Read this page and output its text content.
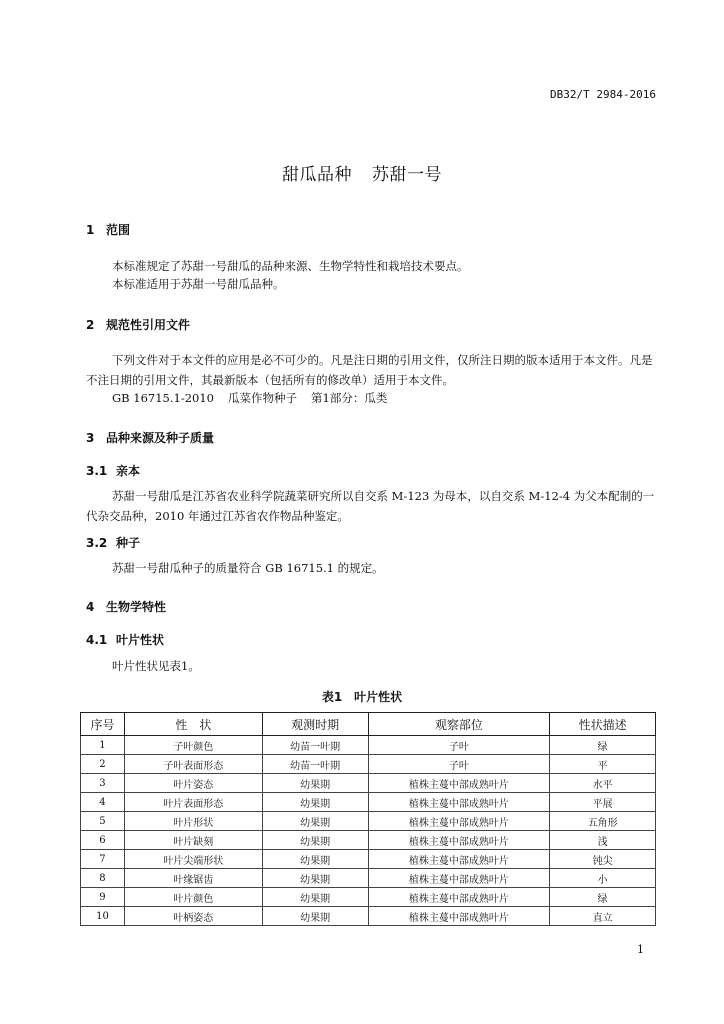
DB32/T 2984-2016
甜瓜品种 苏甜一号
1 范围
本标准规定了苏甜一号甜瓜的品种来源、生物学特性和栽培技术要点。
本标准适用于苏甜一号甜瓜品种。
2 规范性引用文件
下列文件对于本文件的应用是必不可少的。凡是注日期的引用文件，仅所注日期的版本适用于本文件。凡是不注日期的引用文件，其最新版本（包括所有的修改单）适用于本文件。
GB 16715.1-2010 瓜菜作物种子 第1部分：瓜类
3 品种来源及种子质量
3.1 亲本
苏甜一号甜瓜是江苏省农业科学院蔬菜研究所以自交系 M-123 为母本，以自交系 M-12-4 为父本配制的一代杂交品种，2010 年通过江苏省农作物品种鉴定。
3.2 种子
苏甜一号甜瓜种子的质量符合 GB 16715.1 的规定。
4 生物学特性
4.1 叶片性状
叶片性状见表1。
表1 叶片性状
序号	性　状	观测时期	观察部位	性状描述
1	子叶颜色	幼苗一叶期	子叶	绿
2	子叶表面形态	幼苗一叶期	子叶	平
3	叶片姿态	幼果期	植株主蔓中部成熟叶片	水平
4	叶片表面形态	幼果期	植株主蔓中部成熟叶片	平展
5	叶片形状	幼果期	植株主蔓中部成熟叶片	五角形
6	叶片缺刻	幼果期	植株主蔓中部成熟叶片	浅
7	叶片尖端形状	幼果期	植株主蔓中部成熟叶片	钝尖
8	叶缘锯齿	幼果期	植株主蔓中部成熟叶片	小
9	叶片颜色	幼果期	植株主蔓中部成熟叶片	绿
10	叶柄姿态	幼果期	植株主蔓中部成熟叶片	直立
1
